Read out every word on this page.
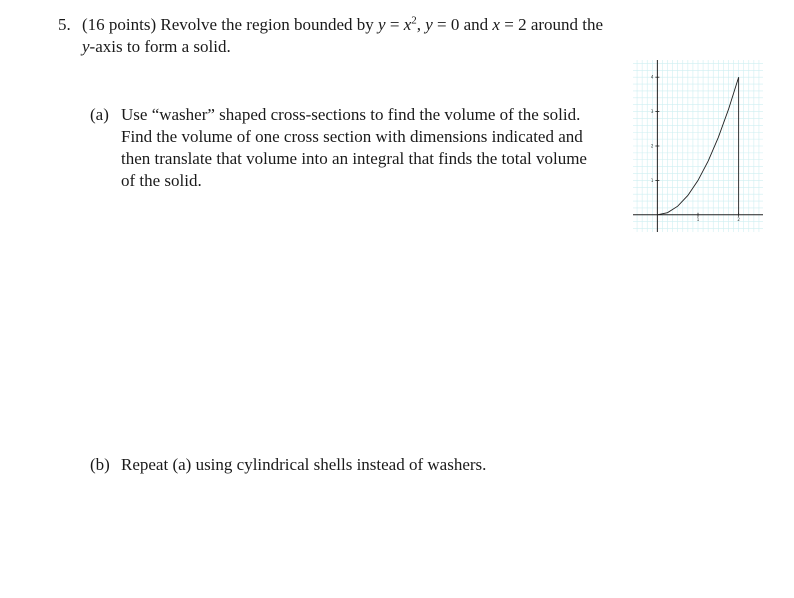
5. (16 points) Revolve the region bounded by $y = x^2$, y = 0 and x = 2 around the
y-axis to form a solid.
(a) Use “washer” shaped cross-sections to find the volume of the solid. Find the volume of one cross section with dimensions indicated and then translate that volume into an integral that finds the total volume of the solid.
(b) Repeat (a) using cylindrical shells instead of washers.
1	2
1
2
3
4
